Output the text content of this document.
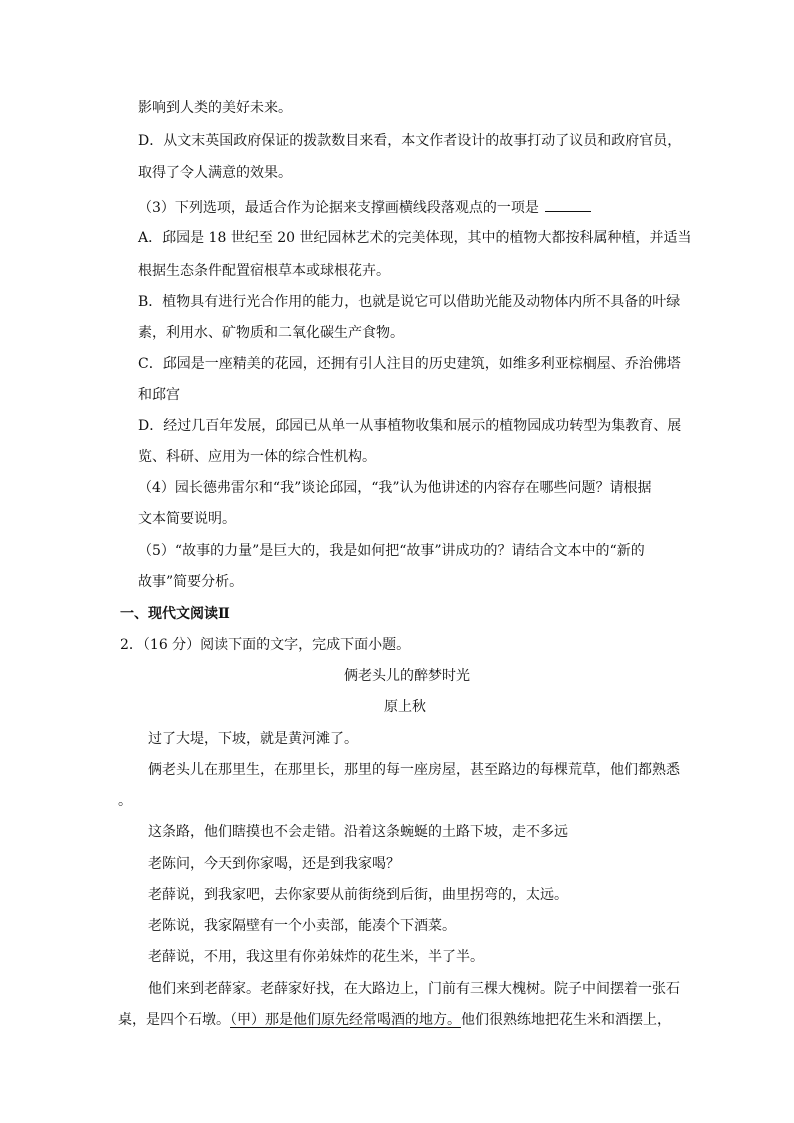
影响到人类的美好未来。
D．从文末英国政府保证的拨款数目来看，本文作者设计的故事打动了议员和政府官员，
取得了令人满意的效果。
（3）下列选项，最适合作为论据来支撑画横线段落观点的一项是
A．邱园是 18 世纪至 20 世纪园林艺术的完美体现，其中的植物大都按科属种植，并适当
根据生态条件配置宿根草本或球根花卉。
B．植物具有进行光合作用的能力，也就是说它可以借助光能及动物体内所不具备的叶绿
素，利用水、矿物质和二氧化碳生产食物。
C．邱园是一座精美的花园，还拥有引人注目的历史建筑，如维多利亚棕榈屋、乔治佛塔
和邱宫
D．经过几百年发展，邱园已从单一从事植物收集和展示的植物园成功转型为集教育、展
览、科研、应用为一体的综合性机构。
（4）园长德弗雷尔和“我”谈论邱园，“我”认为他讲述的内容存在哪些问题？请根据
文本简要说明。
（5）“故事的力量”是巨大的，我是如何把“故事”讲成功的？请结合文本中的“新的
故事”简要分析。
一、现代文阅读Ⅱ
2．（16 分）阅读下面的文字，完成下面小题。
俩老头儿的醉梦时光
原上秋
过了大堤，下坡，就是黄河滩了。
俩老头儿在那里生，在那里长，那里的每一座房屋，甚至路边的每棵荒草，他们都熟悉
。
这条路，他们瞎摸也不会走错。沿着这条蜿蜒的土路下坡，走不多远
老陈问，今天到你家喝，还是到我家喝？
老薛说，到我家吧，去你家要从前街绕到后街，曲里拐弯的，太远。
老陈说，我家隔壁有一个小卖部，能凑个下酒菜。
老薛说，不用，我这里有你弟妹炸的花生米，半了半。
他们来到老薛家。老薛家好找，在大路边上，门前有三棵大槐树。院子中间摆着一张石
桌，是四个石墩。（甲）那是他们原先经常喝酒的地方。他们很熟练地把花生米和酒摆上，
